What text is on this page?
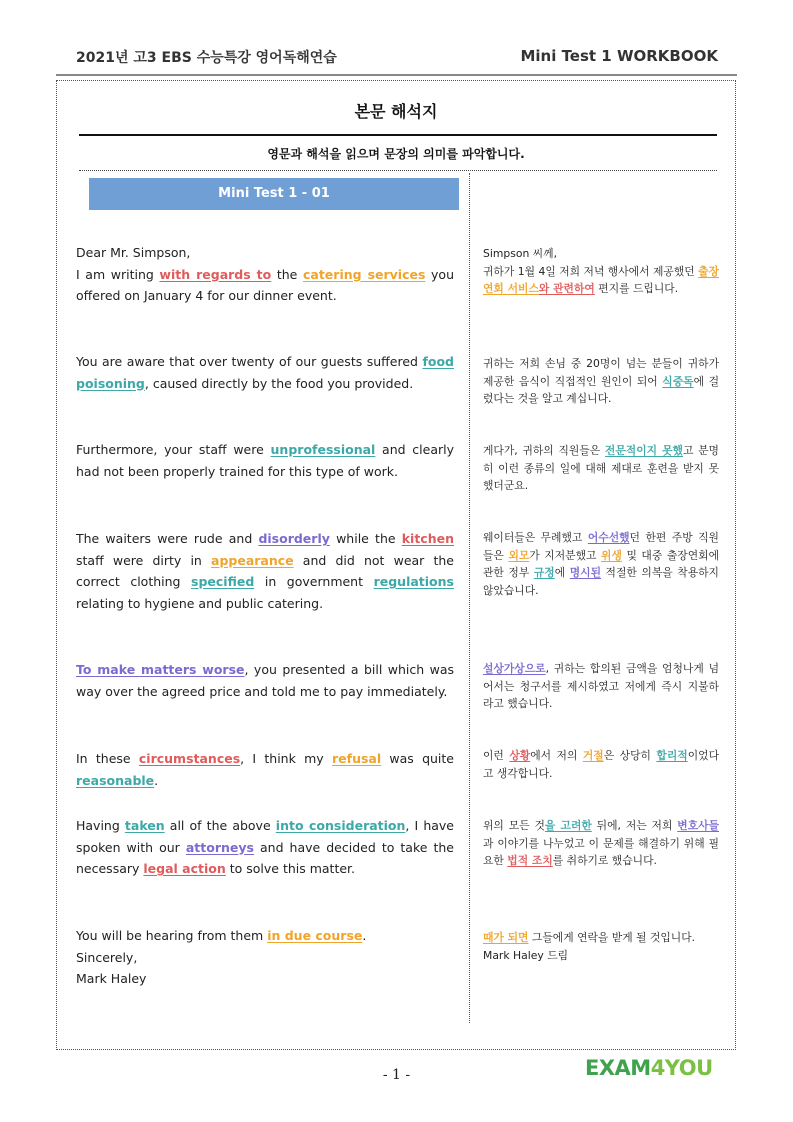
2021년 고3 EBS 수능특강 영어독해연습	Mini Test 1 WORKBOOK
본문 해석지
영문과 해석을 읽으며 문장의 의미를 파악합니다.
Mini Test 1 - 01
Dear Mr. Simpson,
I am writing with regards to the catering services you offered on January 4 for our dinner event.
You are aware that over twenty of our guests suffered food poisoning, caused directly by the food you provided.
Furthermore, your staff were unprofessional and clearly had not been properly trained for this type of work.
The waiters were rude and disorderly while the kitchen staff were dirty in appearance and did not wear the correct clothing specified in government regulations relating to hygiene and public catering.
To make matters worse, you presented a bill which was way over the agreed price and told me to pay immediately.
In these circumstances, I think my refusal was quite reasonable.
Having taken all of the above into consideration, I have spoken with our attorneys and have decided to take the necessary legal action to solve this matter.
You will be hearing from them in due course.
Sincerely,
Mark Haley
Simpson 씨께,
귀하가 1월 4일 저희 저녁 행사에서 제공했던 출장연회 서비스와 관련하여 편지를 드립니다.
귀하는 저희 손님 중 20명이 넘는 분들이 귀하가 제공한 음식이 직접적인 원인이 되어 식중독에 걸렸다는 것을 알고 계십니다.
게다가, 귀하의 직원들은 전문적이지 못했고 분명히 이런 종류의 일에 대해 제대로 훈련을 받지 못했더군요.
웨이터들은 무례했고 어수선했던 한편 주방 직원들은 외모가 지저분했고 위생 및 대중 출장연회에 관한 정부 규정에 명시된 적절한 의복을 착용하지 않았습니다.
설상가상으로, 귀하는 합의된 금액을 엄청나게 넘어서는 청구서를 제시하였고 저에게 즉시 지불하라고 했습니다.
이런 상황에서 저의 거절은 상당히 합리적이었다고 생각합니다.
위의 모든 것을 고려한 뒤에, 저는 저희 변호사들과 이야기를 나누었고 이 문제를 해결하기 위해 필요한 법적 조치를 취하기로 했습니다.
때가 되면 그들에게 연락을 받게 될 것입니다.
Mark Haley 드림
- 1 -	EXAM4YOU
